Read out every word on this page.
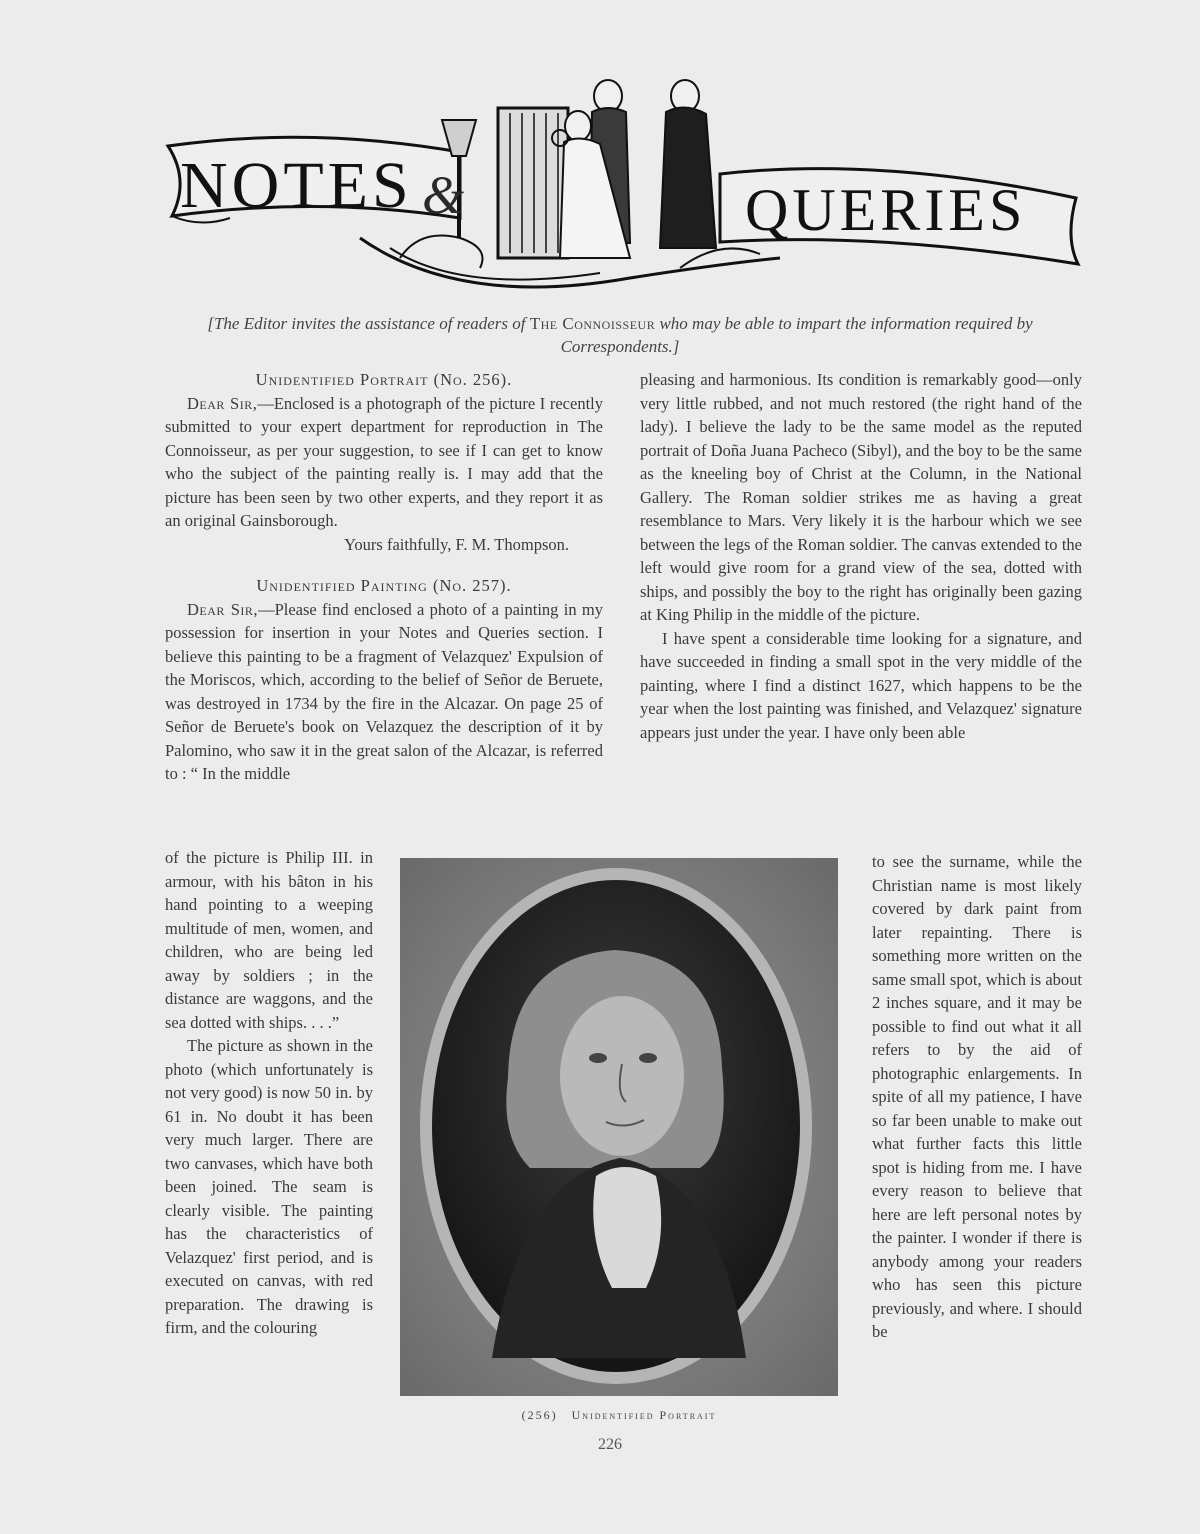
NOTES &	QUERIES
[The Editor invites the assistance of readers of The Connoisseur who may be able to impart the information required by Correspondents.]

Unidentified Portrait (No. 256).

Dear Sir,—Enclosed is a photograph of the picture I recently submitted to your expert department for reproduction in The Connoisseur, as per your suggestion, to see if I can get to know who the subject of the painting really is. I may add that the picture has been seen by two other experts, and they report it as an original Gainsborough.

Yours faithfully, F. M. Thompson.

Unidentified Painting (No. 257).

Dear Sir,—Please find enclosed a photo of a painting in my possession for insertion in your Notes and Queries section. I believe this painting to be a fragment of Velazquez' Expulsion of the Moriscos, which, according to the belief of Señor de Beruete, was destroyed in 1734 by the fire in the Alcazar. On page 25 of Señor de Beruete's book on Velazquez the description of it by Palomino, who saw it in the great salon of the Alcazar, is referred to : “ In the middle

of the picture is Philip III. in armour, with his bâton in his hand pointing to a weeping multitude of men, women, and children, who are being led away by soldiers ; in the distance are waggons, and the sea dotted with ships. . . .”

The picture as shown in the photo (which unfortunately is not very good) is now 50 in. by 61 in. No doubt it has been very much larger. There are two canvases, which have both been joined. The seam is clearly visible. The painting has the characteristics of Velazquez' first period, and is executed on canvas, with red preparation. The drawing is firm, and the colouring

pleasing and harmonious. Its condition is remarkably good—only very little rubbed, and not much restored (the right hand of the lady). I believe the lady to be the same model as the reputed portrait of Doña Juana Pacheco (Sibyl), and the boy to be the same as the kneeling boy of Christ at the Column, in the National Gallery. The Roman soldier strikes me as having a great resemblance to Mars. Very likely it is the harbour which we see between the legs of the Roman soldier. The canvas extended to the left would give room for a grand view of the sea, dotted with ships, and possibly the boy to the right has originally been gazing at King Philip in the middle of the picture.

I have spent a considerable time looking for a signature, and have succeeded in finding a small spot in the very middle of the painting, where I find a distinct 1627, which happens to be the year when the lost painting was finished, and Velazquez' signature appears just under the year. I have only been able

to see the surname, while the Christian name is most likely covered by dark paint from later repainting. There is something more written on the same small spot, which is about 2 inches square, and it may be possible to find out what it all refers to by the aid of photographic enlargements. In spite of all my patience, I have so far been unable to make out what further facts this little spot is hiding from me. I have every reason to believe that here are left personal notes by the painter. I wonder if there is anybody among your readers who has seen this picture previously, and where. I should be

(256) Unidentified Portrait
226
